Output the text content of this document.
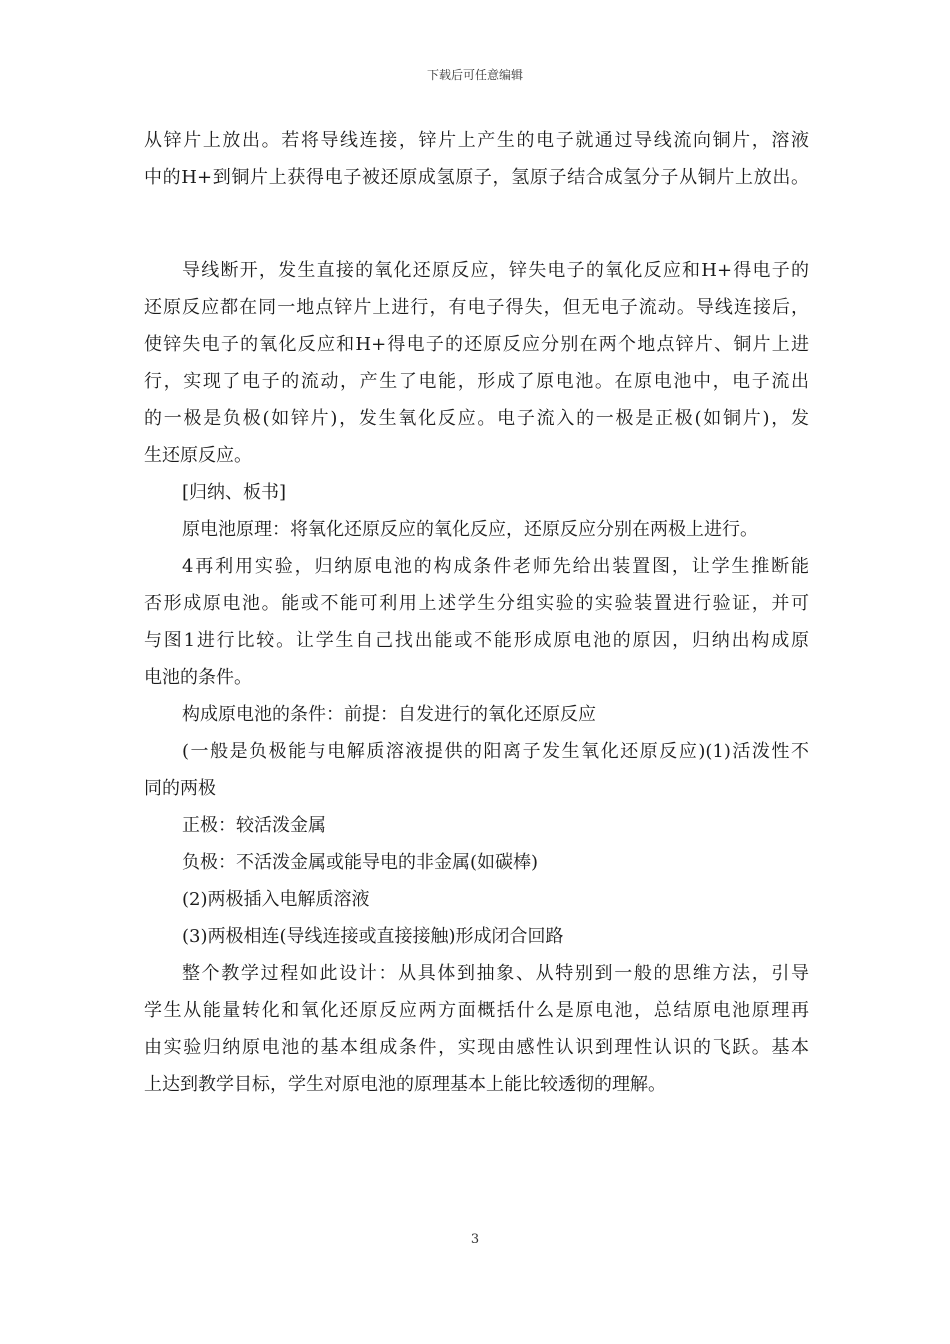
下载后可任意编辑
从锌片上放出。若将导线连接，锌片上产生的电子就通过导线流向铜片，溶液
中的H+到铜片上获得电子被还原成氢原子，氢原子结合成氢分子从铜片上放出。
导线断开，发生直接的氧化还原反应，锌失电子的氧化反应和H+得电子的
还原反应都在同一地点锌片上进行，有电子得失，但无电子流动。导线连接后，
使锌失电子的氧化反应和H+得电子的还原反应分别在两个地点锌片、铜片上进
行，实现了电子的流动，产生了电能，形成了原电池。在原电池中，电子流出
的一极是负极(如锌片)，发生氧化反应。电子流入的一极是正极(如铜片)，发
生还原反应。
[归纳、板书]
原电池原理：将氧化还原反应的氧化反应，还原反应分别在两极上进行。
4再利用实验，归纳原电池的构成条件老师先给出装置图，让学生推断能
否形成原电池。能或不能可利用上述学生分组实验的实验装置进行验证，并可
与图1进行比较。让学生自己找出能或不能形成原电池的原因，归纳出构成原
电池的条件。
构成原电池的条件：前提：自发进行的氧化还原反应
(一般是负极能与电解质溶液提供的阳离子发生氧化还原反应)(1)活泼性不
同的两极
正极：较活泼金属
负极：不活泼金属或能导电的非金属(如碳棒)
(2)两极插入电解质溶液
(3)两极相连(导线连接或直接接触)形成闭合回路
整个教学过程如此设计：从具体到抽象、从特别到一般的思维方法，引导
学生从能量转化和氧化还原反应两方面概括什么是原电池，总结原电池原理再
由实验归纳原电池的基本组成条件，实现由感性认识到理性认识的飞跃。基本
上达到教学目标，学生对原电池的原理基本上能比较透彻的理解。
3
